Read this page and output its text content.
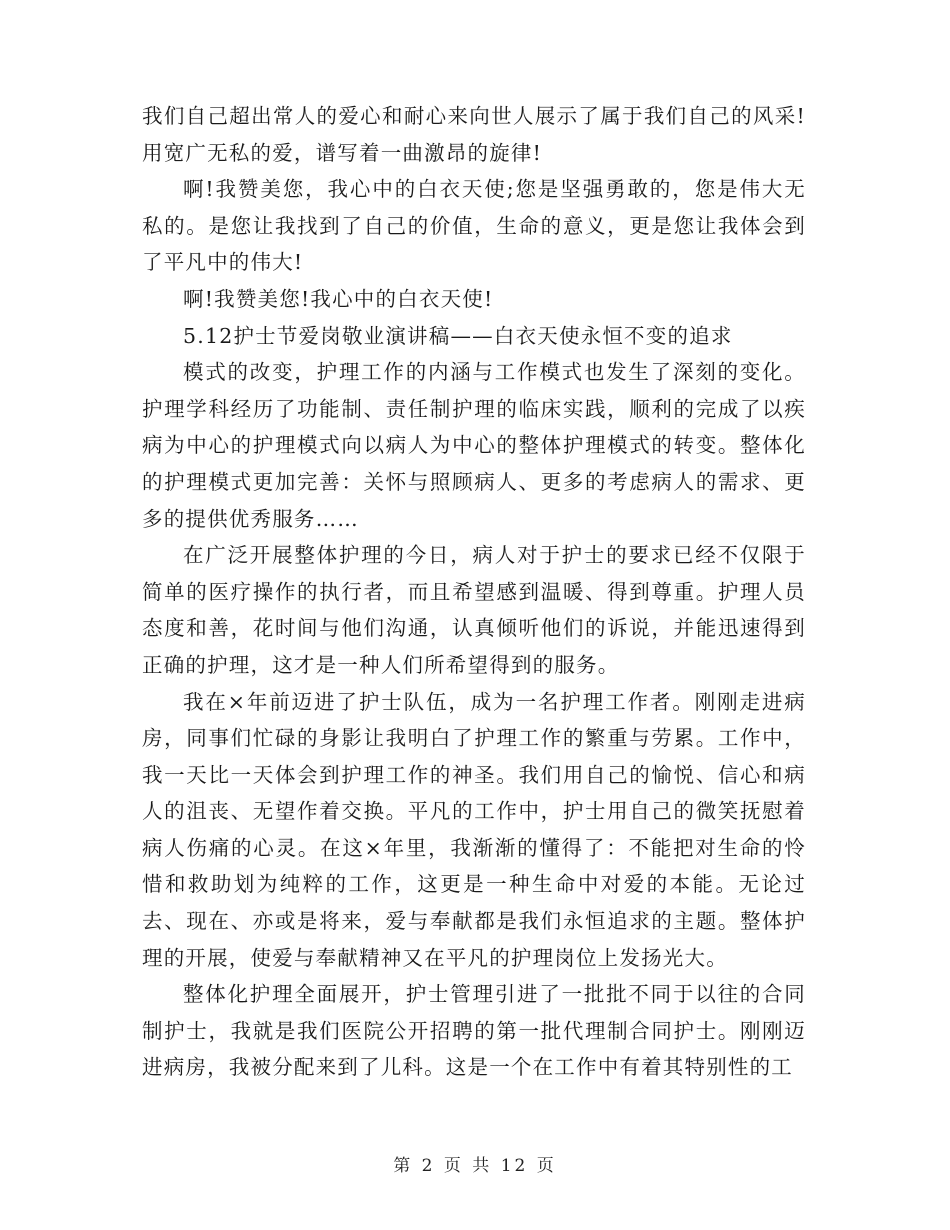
我们自己超出常人的爱心和耐心来向世人展示了属于我们自己的风采!用宽广无私的爱，谱写着一曲激昂的旋律!

啊!我赞美您，我心中的白衣天使;您是坚强勇敢的，您是伟大无私的。是您让我找到了自己的价值，生命的意义，更是您让我体会到了平凡中的伟大!

啊!我赞美您!我心中的白衣天使!

5.12护士节爱岗敬业演讲稿——白衣天使永恒不变的追求

模式的改变，护理工作的内涵与工作模式也发生了深刻的变化。护理学科经历了功能制、责任制护理的临床实践，顺利的完成了以疾病为中心的护理模式向以病人为中心的整体护理模式的转变。整体化的护理模式更加完善：关怀与照顾病人、更多的考虑病人的需求、更多的提供优秀服务……

在广泛开展整体护理的今日，病人对于护士的要求已经不仅限于简单的医疗操作的执行者，而且希望感到温暖、得到尊重。护理人员态度和善，花时间与他们沟通，认真倾听他们的诉说，并能迅速得到正确的护理，这才是一种人们所希望得到的服务。

我在×年前迈进了护士队伍，成为一名护理工作者。刚刚走进病房，同事们忙碌的身影让我明白了护理工作的繁重与劳累。工作中，我一天比一天体会到护理工作的神圣。我们用自己的愉悦、信心和病人的沮丧、无望作着交换。平凡的工作中，护士用自己的微笑抚慰着病人伤痛的心灵。在这×年里，我渐渐的懂得了：不能把对生命的怜惜和救助划为纯粹的工作，这更是一种生命中对爱的本能。无论过去、现在、亦或是将来，爱与奉献都是我们永恒追求的主题。整体护理的开展，使爱与奉献精神又在平凡的护理岗位上发扬光大。

整体化护理全面展开，护士管理引进了一批批不同于以往的合同制护士，我就是我们医院公开招聘的第一批代理制合同护士。刚刚迈进病房，我被分配来到了儿科。这是一个在工作中有着其特别性的工

第 2 页 共 12 页
